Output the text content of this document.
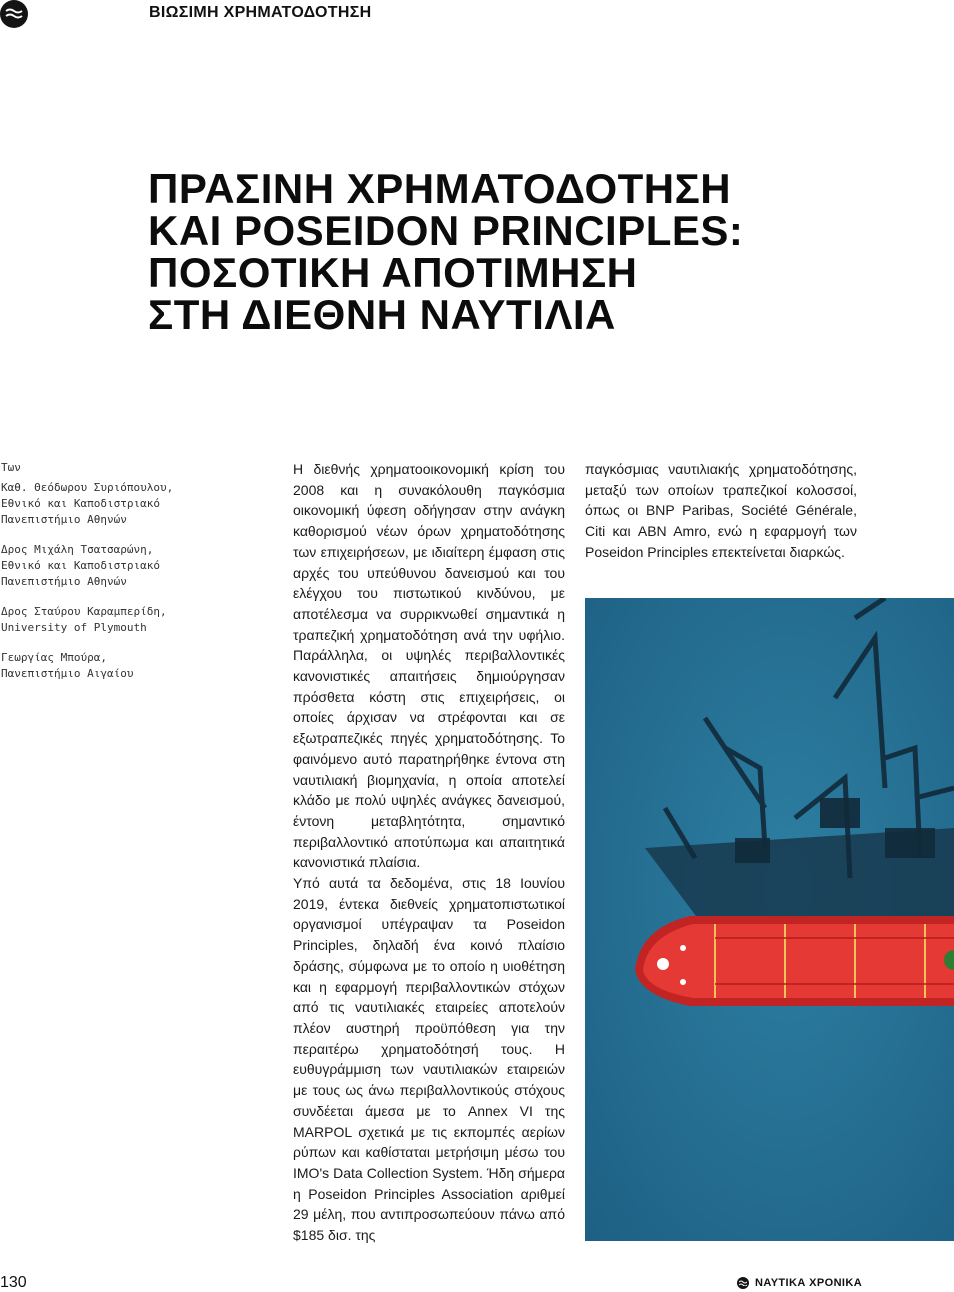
ΒΙΩΣΙΜΗ ΧΡΗΜΑΤΟΔΟΤΗΣΗ
ΠΡΑΣΙΝΗ ΧΡΗΜΑΤΟΔΟΤΗΣΗ
ΚΑΙ POSEIDON PRINCIPLES:
ΠΟΣΟΤΙΚΗ ΑΠΟΤΙΜΗΣΗ
ΣΤΗ ΔΙΕΘΝΗ ΝΑΥΤΙΛΙΑ
Των
Καθ. Θεόδωρου Συριόπουλου,
Εθνικό και Καποδιστριακό
Πανεπιστήμιο Αθηνών
Δρος Μιχάλη Τσατσαρώνη,
Εθνικό και Καποδιστριακό
Πανεπιστήμιο Αθηνών
Δρος Σταύρου Καραμπερίδη,
University of Plymouth
Γεωργίας Μπούρα,
Πανεπιστήμιο Αιγαίου

Η διεθνής χρηματοοικονομική κρίση του 2008 και η συνακόλουθη παγκόσμια οικονομική ύφεση οδήγησαν στην ανάγκη καθορισμού νέων όρων χρηματοδότησης των επιχειρήσεων, με ιδιαίτερη έμφαση στις αρχές του υπεύθυνου δανεισμού και του ελέγχου του πιστωτικού κινδύνου, με αποτέλεσμα να συρρικνωθεί σημαντικά η τραπεζική χρηματοδότηση ανά την υφήλιο. Παράλληλα, οι υψηλές περιβαλλοντικές κανονιστικές απαιτήσεις δημιούργησαν πρόσθετα κόστη στις επιχειρήσεις, οι οποίες άρχισαν να στρέφονται και σε εξωτραπεζικές πηγές χρηματοδότησης. Το φαινόμενο αυτό παρατηρήθηκε έντονα στη ναυτιλιακή βιομηχανία, η οποία αποτελεί κλάδο με πολύ υψηλές ανάγκες δανεισμού, έντονη μεταβλητότητα, σημαντικό περιβαλλοντικό αποτύπωμα και απαιτητικά κανονιστικά πλαίσια.

Υπό αυτά τα δεδομένα, στις 18 Ιουνίου 2019, έντεκα διεθνείς χρηματοπιστωτικοί οργανισμοί υπέγραψαν τα Poseidon Principles, δηλαδή ένα κοινό πλαίσιο δράσης, σύμφωνα με το οποίο η υιοθέτηση και η εφαρμογή περιβαλλοντικών στόχων από τις ναυτιλιακές εταιρείες αποτελούν πλέον αυστηρή προϋπόθεση για την περαιτέρω χρηματοδότησή τους. Η ευθυγράμμιση των ναυτιλιακών εταιρειών με τους ως άνω περιβαλλοντικούς στόχους συνδέεται άμεσα με το Annex VI της MARPOL σχετικά με τις εκπομπές αερίων ρύπων και καθίσταται μετρήσιμη μέσω του IMO's Data Collection System. Ήδη σήμερα η Poseidon Principles Association αριθμεί 29 μέλη, που αντιπροσωπεύουν πάνω από $185 δισ. της

παγκόσμιας ναυτιλιακής χρηματοδότησης, μεταξύ των οποίων τραπεζικοί κολοσσοί, όπως οι BNP Paribas, Société Générale, Citi και ABN Amro, ενώ η εφαρμογή των Poseidon Principles επεκτείνεται διαρκώς.

130	ΝΑΥΤΙΚΑ ΧΡΟΝΙΚΑ
